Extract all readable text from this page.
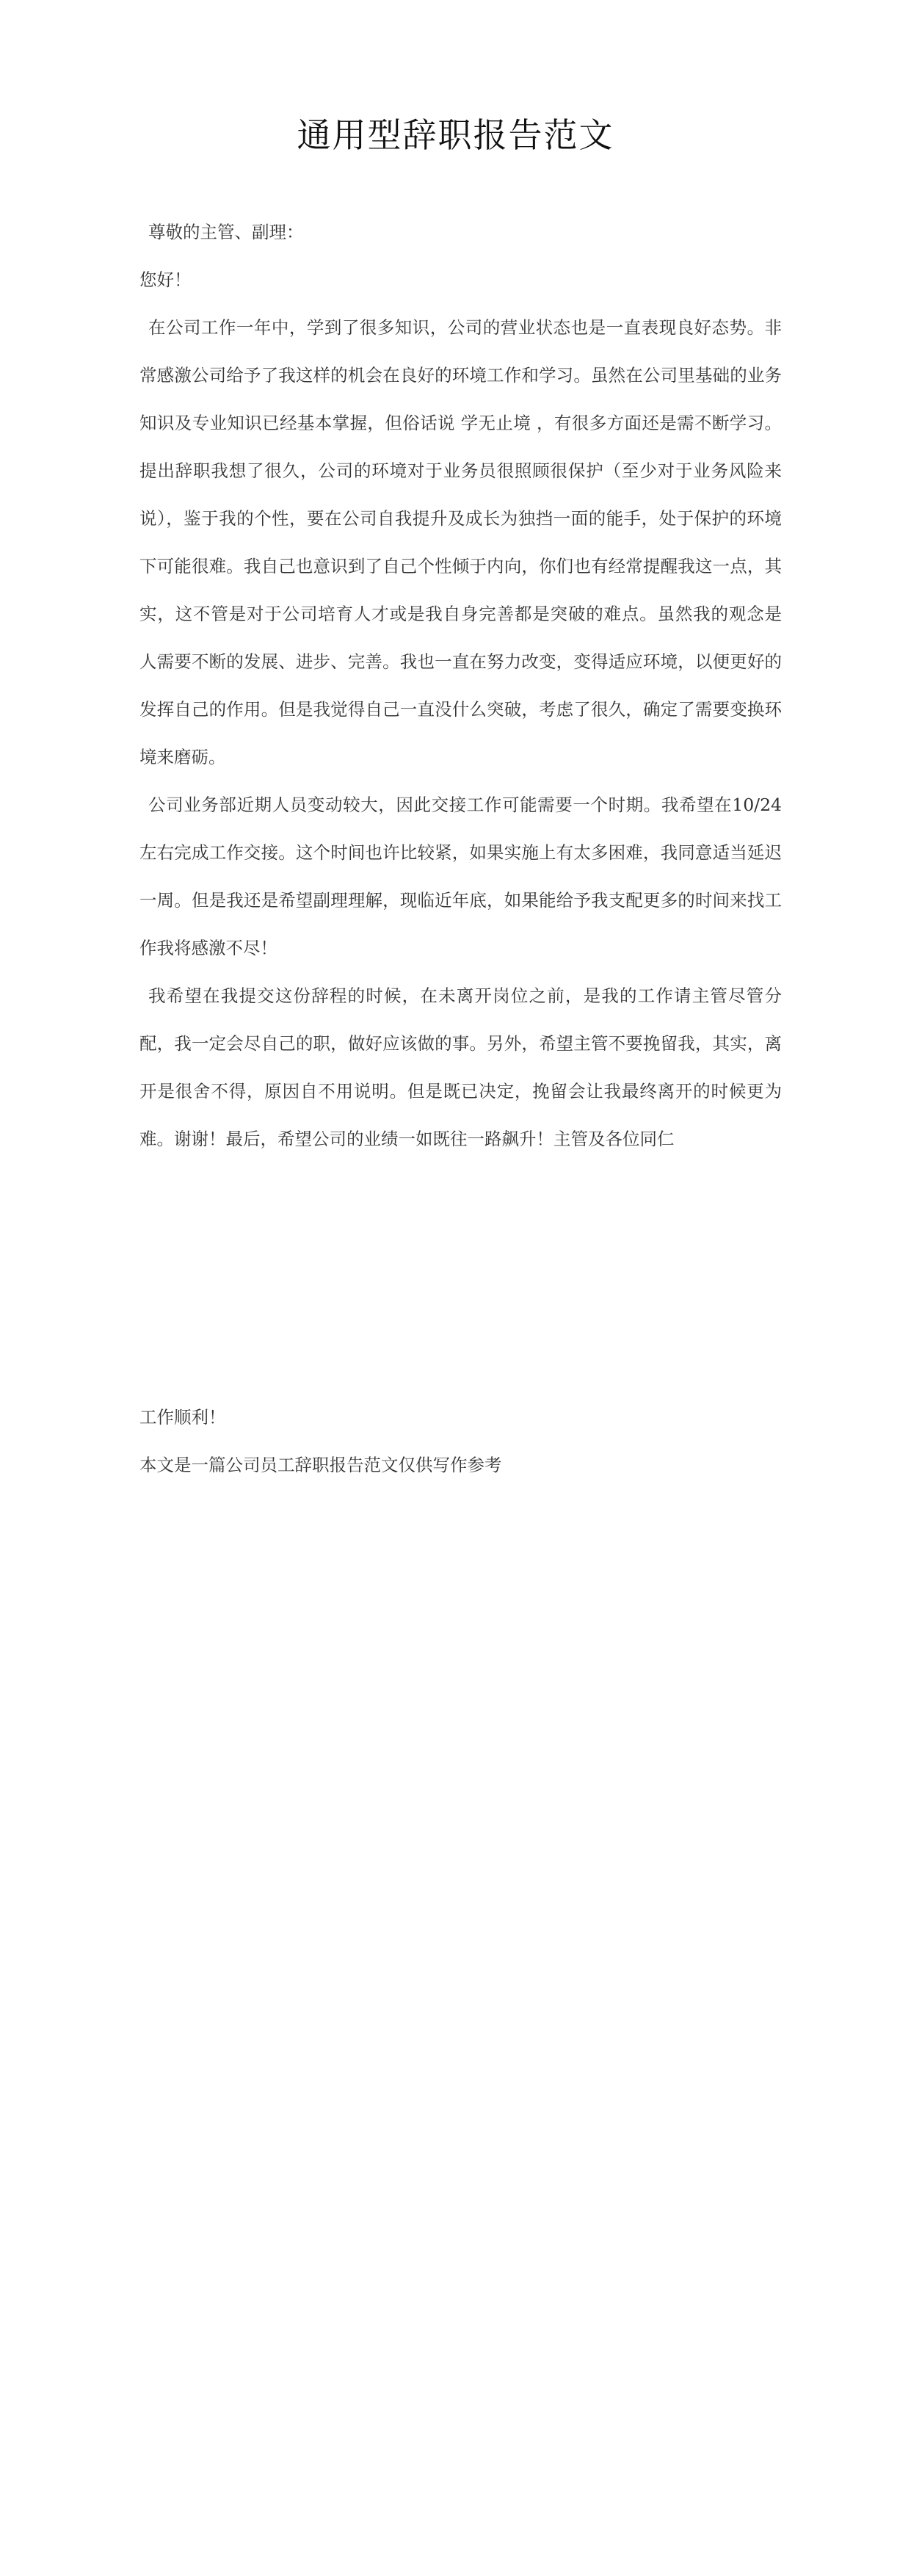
通用型辞职报告范文

尊敬的主管、副理：

您好！

在公司工作一年中，学到了很多知识，公司的营业状态也是一直表现良好态势。非常感激公司给予了我这样的机会在良好的环境工作和学习。虽然在公司里基础的业务知识及专业知识已经基本掌握，但俗话说 学无止境 ，有很多方面还是需不断学习。提出辞职我想了很久，公司的环境对于业务员很照顾很保护（至少对于业务风险来说），鉴于我的个性，要在公司自我提升及成长为独挡一面的能手，处于保护的环境下可能很难。我自己也意识到了自己个性倾于内向，你们也有经常提醒我这一点，其实，这不管是对于公司培育人才或是我自身完善都是突破的难点。虽然我的观念是 人需要不断的发展、进步、完善。我也一直在努力改变，变得适应环境，以便更好的发挥自己的作用。但是我觉得自己一直没什么突破，考虑了很久，确定了需要变换环境来磨砺。

公司业务部近期人员变动较大，因此交接工作可能需要一个时期。我希望在10/24 左右完成工作交接。这个时间也许比较紧，如果实施上有太多困难，我同意适当延迟一周。但是我还是希望副理理解，现临近年底，如果能给予我支配更多的时间来找工作我将感激不尽！

我希望在我提交这份辞程的时候，在未离开岗位之前，是我的工作请主管尽管分配，我一定会尽自己的职，做好应该做的事。另外，希望主管不要挽留我，其实，离开是很舍不得，原因自不用说明。但是既已决定，挽留会让我最终离开的时候更为难。谢谢！最后，希望公司的业绩一如既往一路飙升！主管及各位同仁

工作顺利！

本文是一篇公司员工辞职报告范文仅供写作参考
